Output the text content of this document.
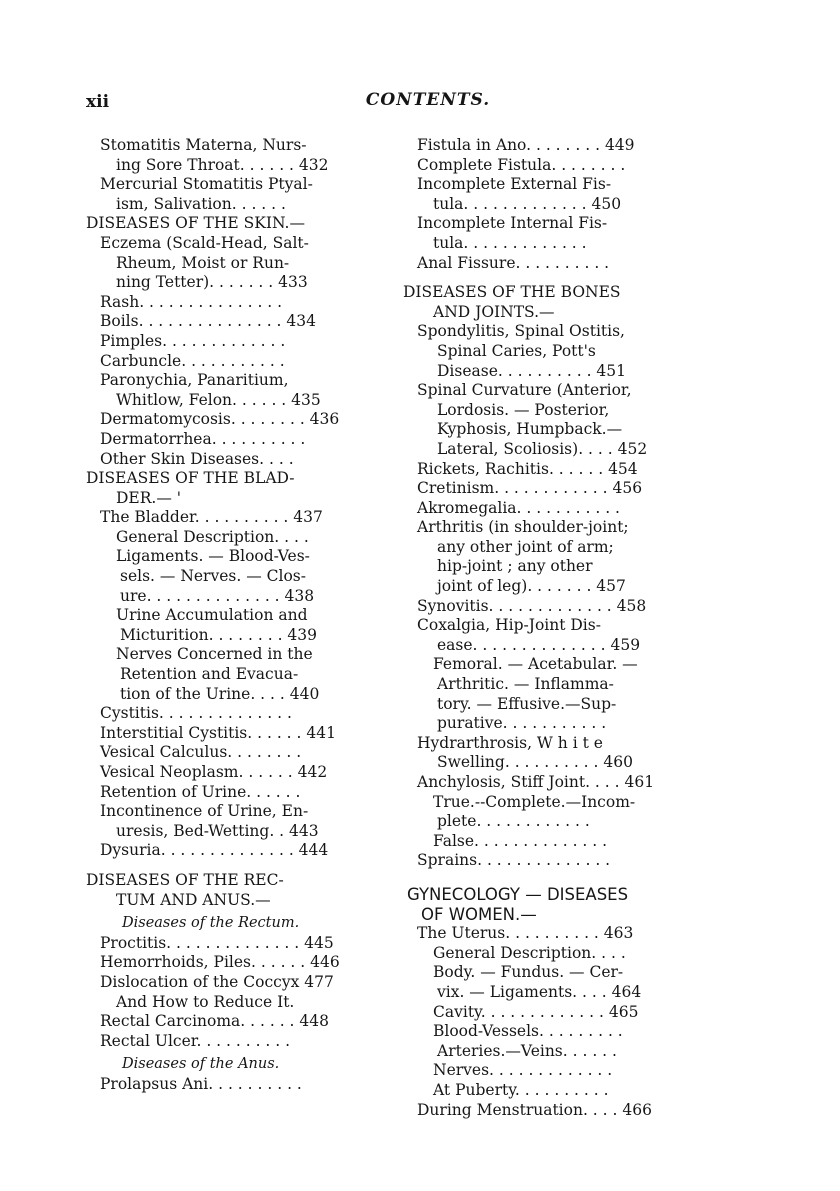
xii	CONTENTS.
Stomatitis Materna, Nurs-
ing Sore Throat. . . . . . 432
Mercurial Stomatitis Ptyal-
ism, Salivation. . . . . .
DISEASES OF THE SKIN.—
Eczema (Scald-Head, Salt-
Rheum, Moist or Run-
ning Tetter). . . . . . . 433
Rash. . . . . . . . . . . . . . .
Boils. . . . . . . . . . . . . . . 434
Pimples. . . . . . . . . . . . .
Carbuncle. . . . . . . . . . .
Paronychia, Panaritium,
Whitlow, Felon. . . . . . 435
Dermatomycosis. . . . . . . . 436
Dermatorrhea. . . . . . . . . .
Other Skin Diseases. . . .
DISEASES OF THE BLAD-
DER.— '
The Bladder. . . . . . . . . . 437
General Description. . . .
Ligaments. — Blood-Ves-
sels. — Nerves. — Clos-
ure. . . . . . . . . . . . . . 438
Urine Accumulation and
Micturition. . . . . . . . 439
Nerves Concerned in the
Retention and Evacua-
tion of the Urine. . . . 440
Cystitis. . . . . . . . . . . . . .
Interstitial Cystitis. . . . . . 441
Vesical Calculus. . . . . . . .
Vesical Neoplasm. . . . . . 442
Retention of Urine. . . . . .
Incontinence of Urine, En-
uresis, Bed-Wetting. . 443
Dysuria. . . . . . . . . . . . . . 444
DISEASES OF THE REC-
TUM AND ANUS.—
Diseases of the Rectum.
Proctitis. . . . . . . . . . . . . . 445
Hemorrhoids, Piles. . . . . . 446
Dislocation of the Coccyx 477
And How to Reduce It.
Rectal Carcinoma. . . . . . 448
Rectal Ulcer. . . . . . . . . .
Diseases of the Anus.
Prolapsus Ani. . . . . . . . . .
Fistula in Ano. . . . . . . . 449
Complete Fistula. . . . . . . .
Incomplete External Fis-
tula. . . . . . . . . . . . . 450
Incomplete Internal Fis-
tula. . . . . . . . . . . . .
Anal Fissure. . . . . . . . . .
DISEASES OF THE BONES
AND JOINTS.—
Spondylitis, Spinal Ostitis,
Spinal Caries, Pott's
Disease. . . . . . . . . . 451
Spinal Curvature (Anterior,
Lordosis. — Posterior,
Kyphosis, Humpback.—
Lateral, Scoliosis). . . . 452
Rickets, Rachitis. . . . . . 454
Cretinism. . . . . . . . . . . . 456
Akromegalia. . . . . . . . . . .
Arthritis (in shoulder-joint;
any other joint of arm;
hip-joint ; any other
joint of leg). . . . . . . 457
Synovitis. . . . . . . . . . . . . 458
Coxalgia, Hip-Joint Dis-
ease. . . . . . . . . . . . . . 459
Femoral. — Acetabular. —
Arthritic. — Inflamma-
tory. — Effusive.—Sup-
purative. . . . . . . . . . .
Hydrarthrosis, W h i t e
Swelling. . . . . . . . . . 460
Anchylosis, Stiff Joint. . . . 461
True.--Complete.—Incom-
plete. . . . . . . . . . . .
False. . . . . . . . . . . . . .
Sprains. . . . . . . . . . . . . .
GYNECOLOGY — DISEASES
OF WOMEN.—
The Uterus. . . . . . . . . . 463
General Description. . . .
Body. — Fundus. — Cer-
vix. — Ligaments. . . . 464
Cavity. . . . . . . . . . . . . 465
Blood-Vessels. . . . . . . . .
Arteries.—Veins. . . . . .
Nerves. . . . . . . . . . . . .
At Puberty. . . . . . . . . .
During Menstruation. . . . 466
